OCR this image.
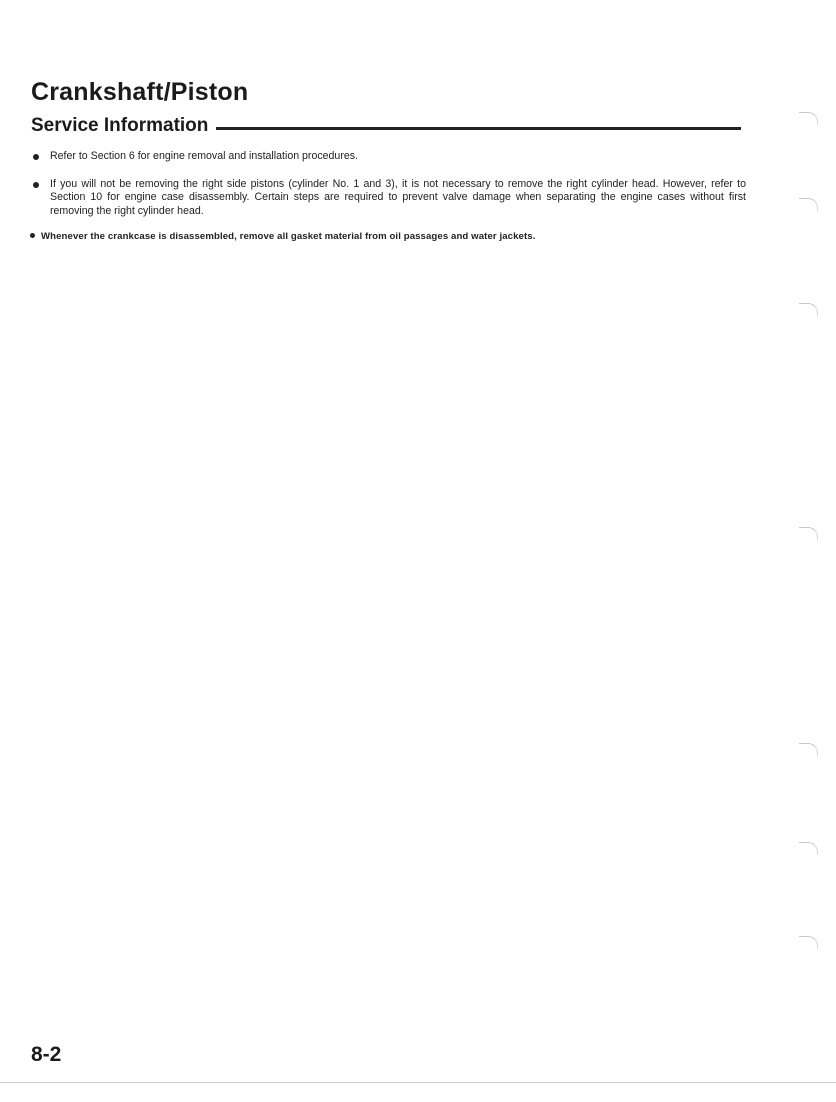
Crankshaft/Piston
Service Information
Refer to Section 6 for engine removal and installation procedures.
If you will not be removing the right side pistons (cylinder No. 1 and 3), it is not necessary to remove the right cylinder head. However, refer to Section 10 for engine case disassembly. Certain steps are required to prevent valve damage when separating the engine cases without first removing the right cylinder head.
Whenever the crankcase is disassembled, remove all gasket material from oil passages and water jackets.
8-2
